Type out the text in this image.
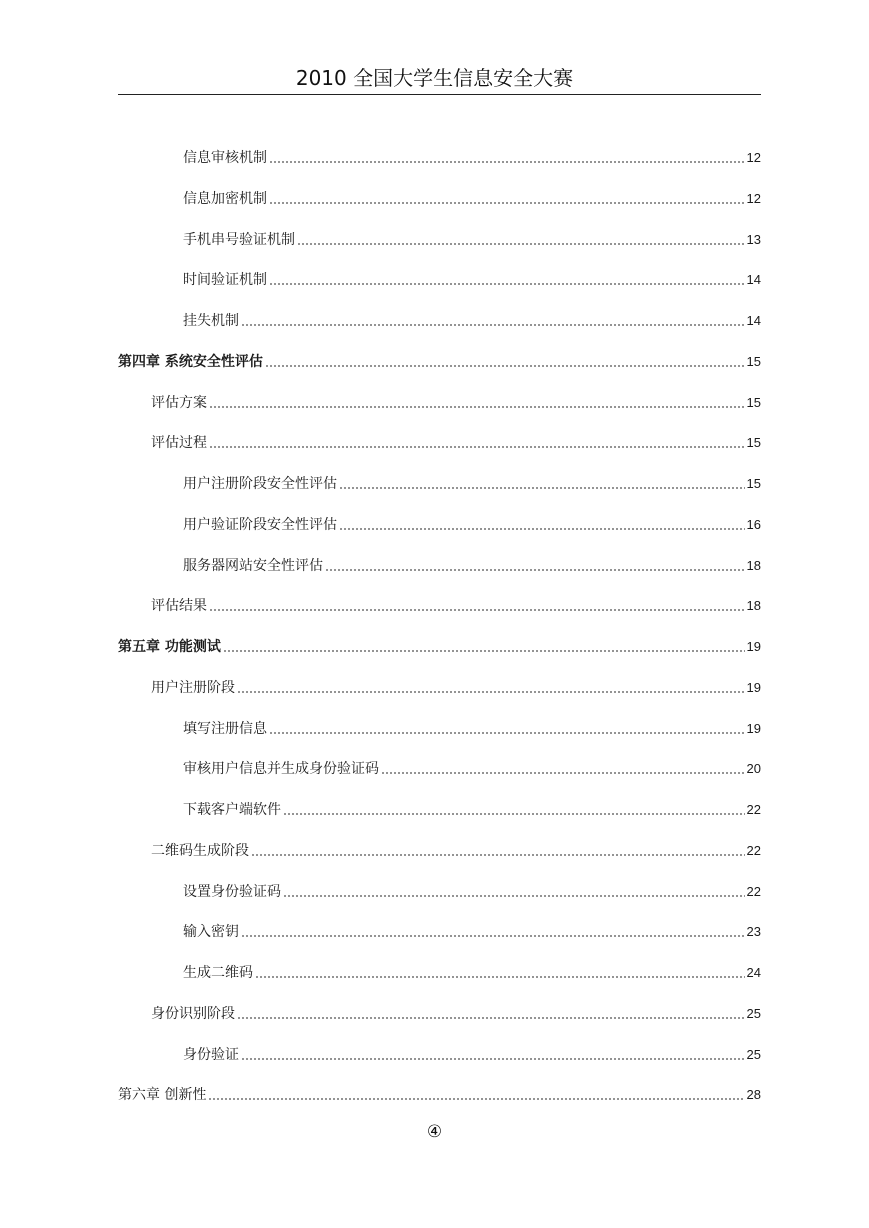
2010 全国大学生信息安全大赛
信息审核机制	12
信息加密机制	12
手机串号验证机制	13
时间验证机制	14
挂失机制	14
第四章 系统安全性评估	15
评估方案	15
评估过程	15
用户注册阶段安全性评估	15
用户验证阶段安全性评估	16
服务器网站安全性评估	18
评估结果	18
第五章 功能测试	19
用户注册阶段	19
填写注册信息	19
审核用户信息并生成身份验证码	20
下载客户端软件	22
二维码生成阶段	22
设置身份验证码	22
输入密钥	23
生成二维码	24
身份识别阶段	25
身份验证	25
第六章 创新性	28
④
